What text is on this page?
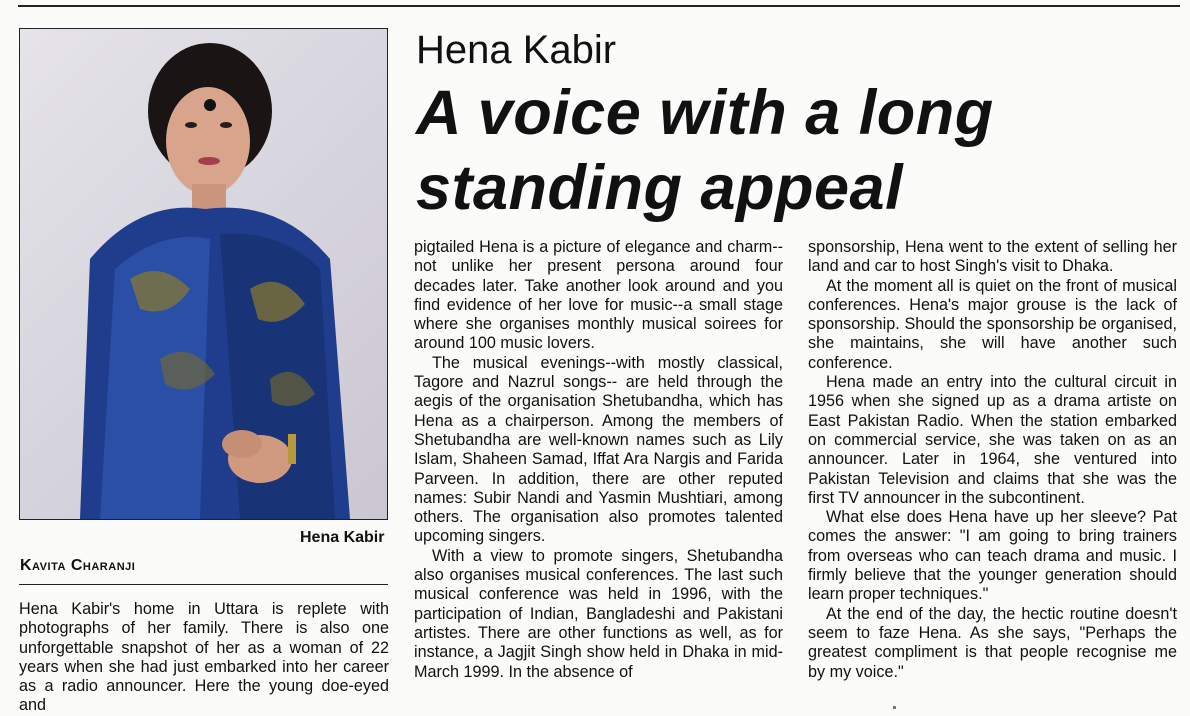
Hena Kabir
Kavita Charanji
Hena Kabir
A voice with a long
standing appeal

Hena Kabir's home in Uttara is replete with photographs of her family. There is also one unforgettable snapshot of her as a woman of 22 years when she had just embarked into her career as a radio announcer. Here the young doe-eyed and

pigtailed Hena is a picture of elegance and charm--not unlike her present persona around four decades later. Take another look around and you find evidence of her love for music--a small stage where she organises monthly musical soirees for around 100 music lovers.

The musical evenings--with mostly classical, Tagore and Nazrul songs-- are held through the aegis of the organisation Shetubandha, which has Hena as a chairperson. Among the members of Shetubandha are well-known names such as Lily Islam, Shaheen Samad, Iffat Ara Nargis and Farida Parveen. In addition, there are other reputed names: Subir Nandi and Yasmin Mushtiari, among others. The organisation also promotes talented upcoming singers.

With a view to promote singers, Shetubandha also organises musical conferences. The last such musical conference was held in 1996, with the participation of Indian, Bangladeshi and Pakistani artistes. There are other functions as well, as for instance, a Jagjit Singh show held in Dhaka in mid-March 1999. In the absence of

sponsorship, Hena went to the extent of selling her land and car to host Singh's visit to Dhaka.

At the moment all is quiet on the front of musical conferences. Hena's major grouse is the lack of sponsorship. Should the sponsorship be organised, she maintains, she will have another such conference.

Hena made an entry into the cultural circuit in 1956 when she signed up as a drama artiste on East Pakistan Radio. When the station embarked on commercial service, she was taken on as an announcer. Later in 1964, she ventured into Pakistan Television and claims that she was the first TV announcer in the subcontinent.

What else does Hena have up her sleeve? Pat comes the answer: "I am going to bring trainers from overseas who can teach drama and music. I firmly believe that the younger generation should learn proper techniques."

At the end of the day, the hectic routine doesn't seem to faze Hena. As she says, "Perhaps the greatest compliment is that people recognise me by my voice."
